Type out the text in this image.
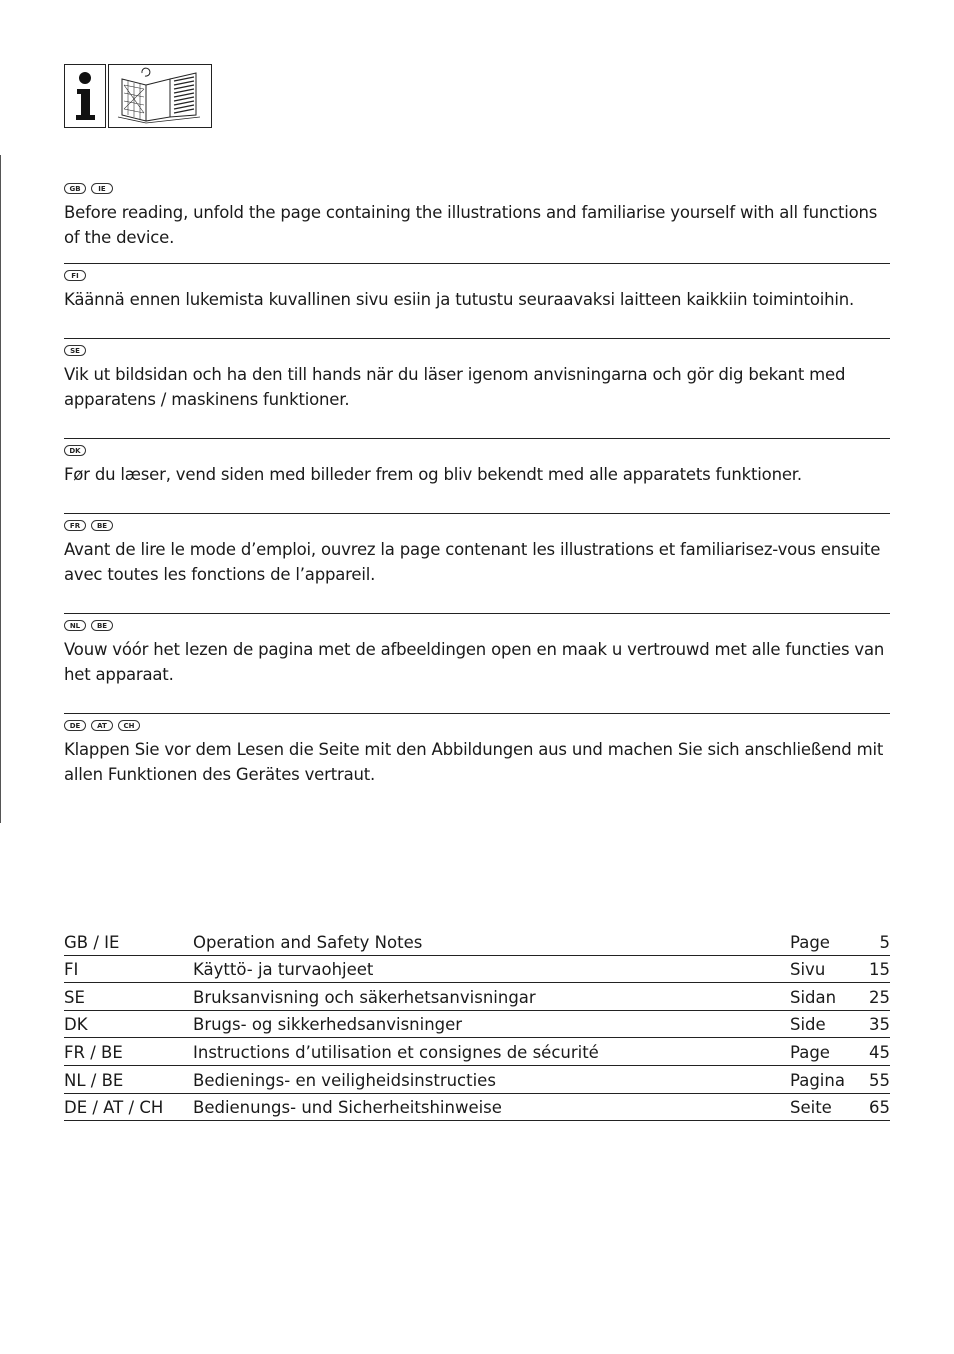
GB	IE

Before reading, unfold the page containing the illustrations and familiarise yourself with all functions of the device.

FI

Käännä ennen lukemista kuvallinen sivu esiin ja tutustu seuraavaksi laitteen kaikkiin toimintoihin.

SE

Vik ut bildsidan och ha den till hands när du läser igenom anvisningarna och gör dig bekant med apparatens / maskinens funktioner.

DK

Før du læser, vend siden med billeder frem og bliv bekendt med alle apparatets funktioner.

FR	BE

Avant de lire le mode d’emploi, ouvrez la page contenant les illustrations et familiarisez-vous ensuite avec toutes les fonctions de l’appareil.

NL	BE

Vouw vóór het lezen de pagina met de afbeeldingen open en maak u vertrouwd met alle functies van het apparaat.

DE	AT	CH

Klappen Sie vor dem Lesen die Seite mit den Abbildungen aus und machen Sie sich anschließend mit allen Funktionen des Gerätes vertraut.

GB / IE	Operation and Safety Notes	Page	5
FI	Käyttö- ja turvaohjeet	Sivu	15
SE	Bruksanvisning och säkerhetsanvisningar	Sidan	25
DK	Brugs- og sikkerhedsanvisninger	Side	35
FR / BE	Instructions d’utilisation et consignes de sécurité	Page	45
NL / BE	Bedienings- en veiligheidsinstructies	Pagina	55
DE / AT / CH	Bedienungs- und Sicherheitshinweise	Seite	65
